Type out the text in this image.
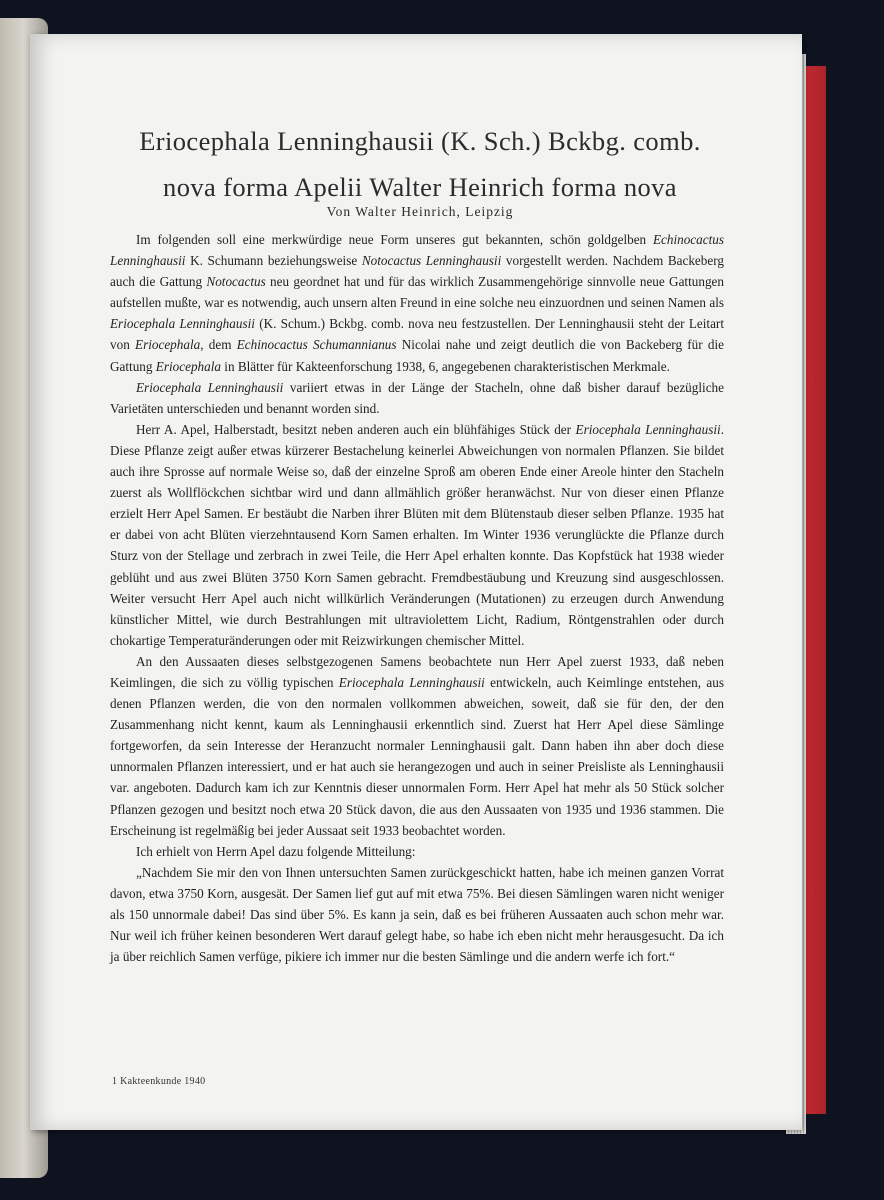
Eriocephala Lenninghausii (K. Sch.) Bckbg. comb.
nova forma Apelii Walter Heinrich forma nova
Von Walter Heinrich, Leipzig

Im folgenden soll eine merkwürdige neue Form unseres gut bekannten, schön goldgelben Echinocactus Lenninghausii K. Schumann beziehungsweise Notocactus Lenninghausii vorgestellt werden. Nachdem Backeberg auch die Gattung Notocactus neu geordnet hat und für das wirklich Zusammengehörige sinnvolle neue Gattungen aufstellen mußte, war es notwendig, auch unsern alten Freund in eine solche neu einzuordnen und seinen Namen als Eriocephala Lenninghausii (K. Schum.) Bckbg. comb. nova neu festzustellen. Der Lenninghausii steht der Leitart von Eriocephala, dem Echinocactus Schumannianus Nicolai nahe und zeigt deutlich die von Backeberg für die Gattung Eriocephala in Blätter für Kakteenforschung 1938, 6, angegebenen charakteristischen Merkmale.

Eriocephala Lenninghausii variiert etwas in der Länge der Stacheln, ohne daß bisher darauf bezügliche Varietäten unterschieden und benannt worden sind.

Herr A. Apel, Halberstadt, besitzt neben anderen auch ein blühfähiges Stück der Eriocephala Lenninghausii. Diese Pflanze zeigt außer etwas kürzerer Bestachelung keinerlei Abweichungen von normalen Pflanzen. Sie bildet auch ihre Sprosse auf normale Weise so, daß der einzelne Sproß am oberen Ende einer Areole hinter den Stacheln zuerst als Wollflöckchen sichtbar wird und dann allmählich größer heranwächst. Nur von dieser einen Pflanze erzielt Herr Apel Samen. Er bestäubt die Narben ihrer Blüten mit dem Blütenstaub dieser selben Pflanze. 1935 hat er dabei von acht Blüten vierzehntausend Korn Samen erhalten. Im Winter 1936 verunglückte die Pflanze durch Sturz von der Stellage und zerbrach in zwei Teile, die Herr Apel erhalten konnte. Das Kopfstück hat 1938 wieder geblüht und aus zwei Blüten 3750 Korn Samen gebracht. Fremdbestäubung und Kreuzung sind ausgeschlossen. Weiter versucht Herr Apel auch nicht willkürlich Veränderungen (Mutationen) zu erzeugen durch Anwendung künstlicher Mittel, wie durch Bestrahlungen mit ultraviolettem Licht, Radium, Röntgenstrahlen oder durch chokartige Temperaturänderungen oder mit Reizwirkungen chemischer Mittel.

An den Aussaaten dieses selbstgezogenen Samens beobachtete nun Herr Apel zuerst 1933, daß neben Keimlingen, die sich zu völlig typischen Eriocephala Lenninghausii entwickeln, auch Keimlinge entstehen, aus denen Pflanzen werden, die von den normalen vollkommen abweichen, soweit, daß sie für den, der den Zusammenhang nicht kennt, kaum als Lenninghausii erkenntlich sind. Zuerst hat Herr Apel diese Sämlinge fortgeworfen, da sein Interesse der Heranzucht normaler Lenninghausii galt. Dann haben ihn aber doch diese unnormalen Pflanzen interessiert, und er hat auch sie herangezogen und auch in seiner Preisliste als Lenninghausii var. angeboten. Dadurch kam ich zur Kenntnis dieser unnormalen Form. Herr Apel hat mehr als 50 Stück solcher Pflanzen gezogen und besitzt noch etwa 20 Stück davon, die aus den Aussaaten von 1935 und 1936 stammen. Die Erscheinung ist regelmäßig bei jeder Aussaat seit 1933 beobachtet worden.

Ich erhielt von Herrn Apel dazu folgende Mitteilung:

„Nachdem Sie mir den von Ihnen untersuchten Samen zurückgeschickt hatten, habe ich meinen ganzen Vorrat davon, etwa 3750 Korn, ausgesät. Der Samen lief gut auf mit etwa 75%. Bei diesen Sämlingen waren nicht weniger als 150 unnormale dabei! Das sind über 5%. Es kann ja sein, daß es bei früheren Aussaaten auch schon mehr war. Nur weil ich früher keinen besonderen Wert darauf gelegt habe, so habe ich eben nicht mehr herausgesucht. Da ich ja über reichlich Samen verfüge, pikiere ich immer nur die besten Sämlinge und die andern werfe ich fort.“

1 Kakteenkunde 1940
